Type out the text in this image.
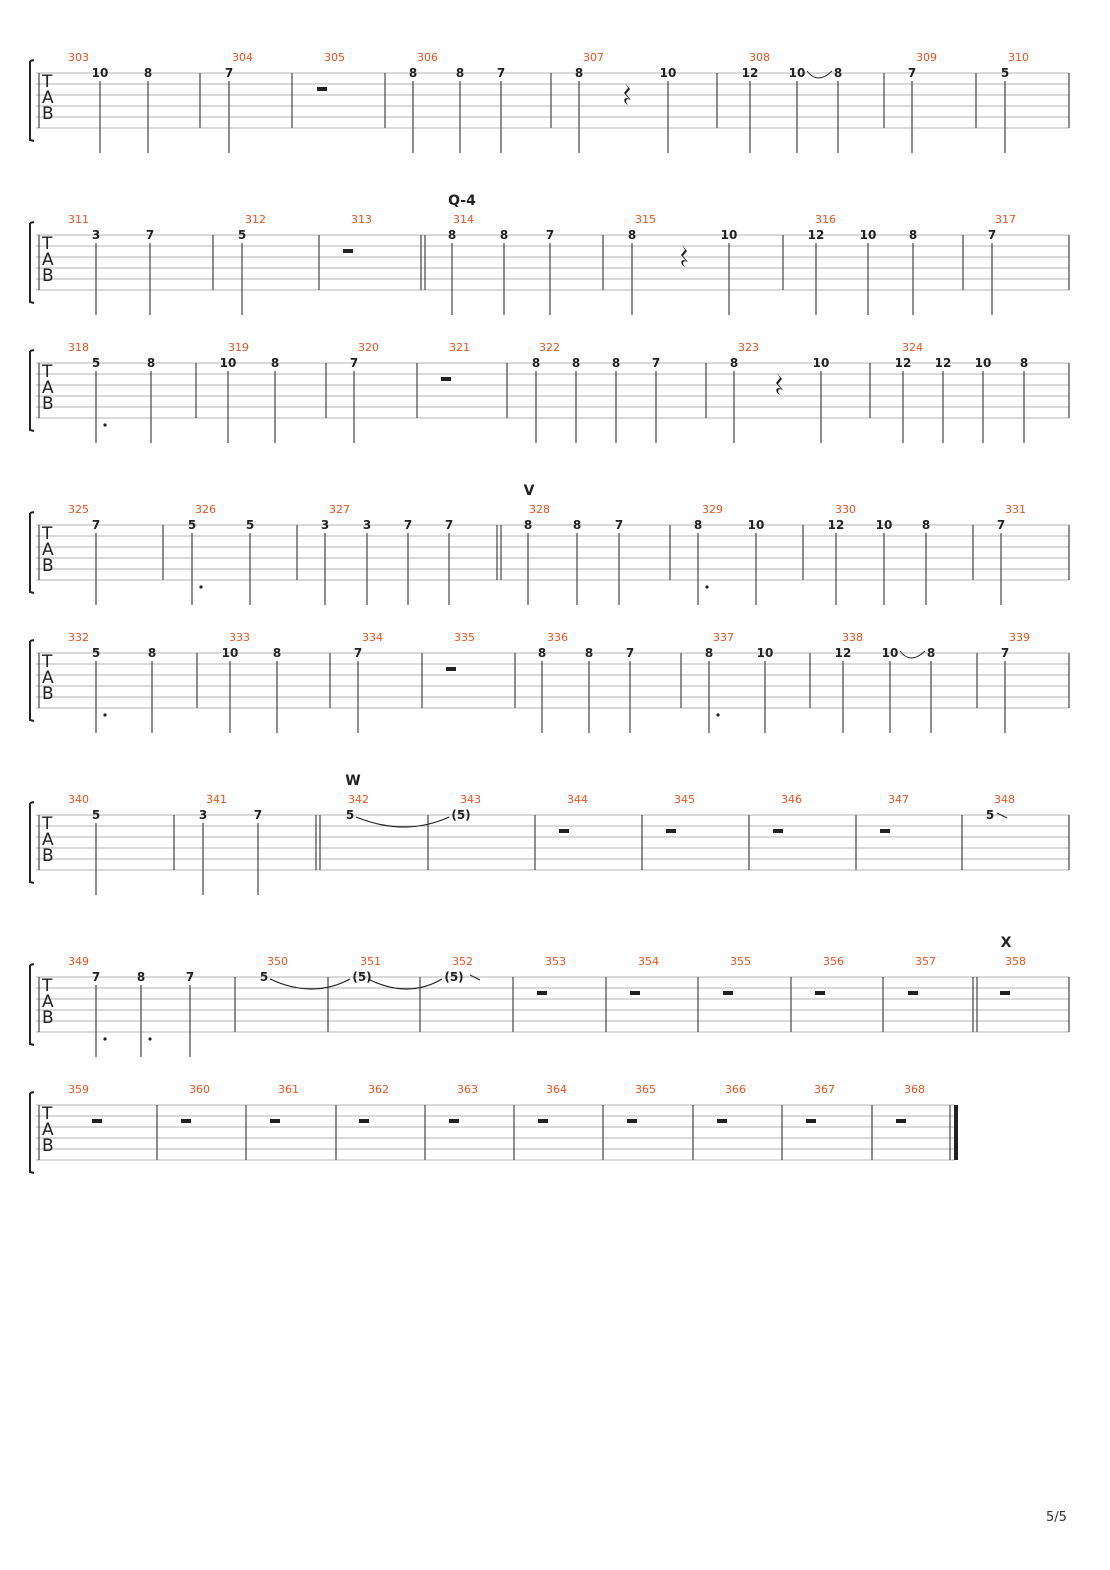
T
A
B
303
10	8
304
7
305	306
8	8	7
307
8	10
308
12	10 8
309
7
310
5
T
A
B
Q-4
311
3	7
312
5
313	314
8	8	7
315
8	10
316
12	10	8
317
7
T
A
B
318
5	8
319
10	8
320
7
321	322
8	8	8	7
323
8	10
324
12 12 10 8
T
A
B
V
325
7
326
5	5
327
3	3	7	7
328
8	8	7
329
8	10
330
12	10 8
331
7
T
A
B
332
5	8
333
10	8
334
7
335	336
8	8	7
337
8	10
338
12	10 8
339
7
T
A
B
W
340
5
341
3	7
342
5
343
(5)
344	345	346	347	348
5
T
A
B
X
349
7	8	7
350
5
351
(5)
352
(5)
353	354	355	356	357	358
T
A
B
359	360	361	362	363	364	365	366	367	368
5/5
